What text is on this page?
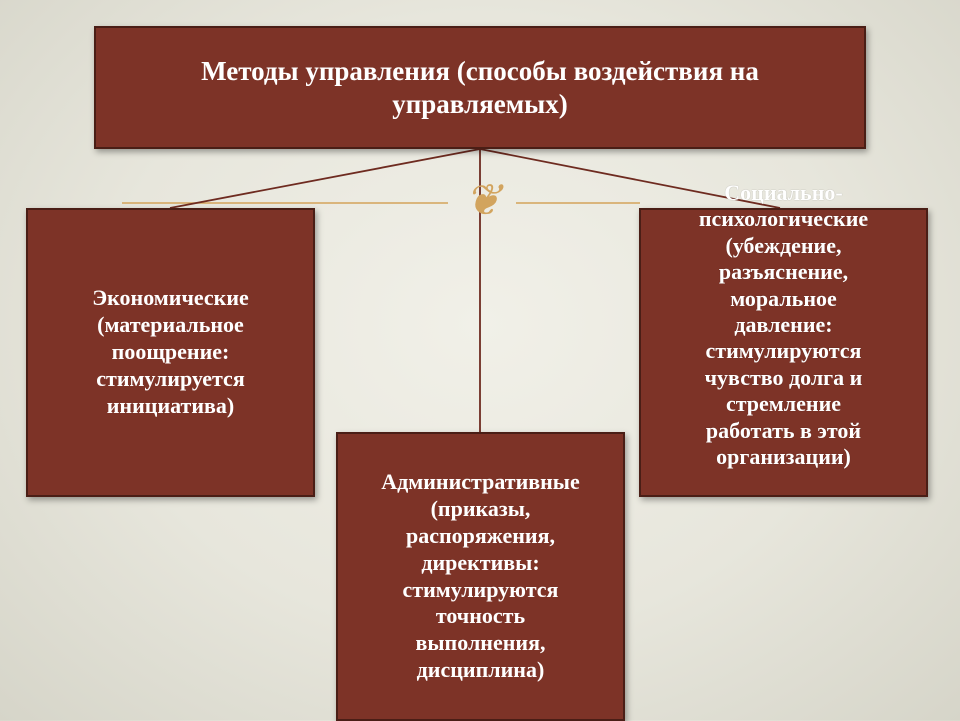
❦
Методы управления (способы воздействия на
управляемых)
Экономические
(материальное
поощрение:
стимулируется
инициатива)
Административные
(приказы,
распоряжения,
директивы:
стимулируются
точность
выполнения,
дисциплина)
Социально-
психологические
(убеждение,
разъяснение,
моральное
давление:
стимулируются
чувство долга и
стремление
работать в этой
организации)
